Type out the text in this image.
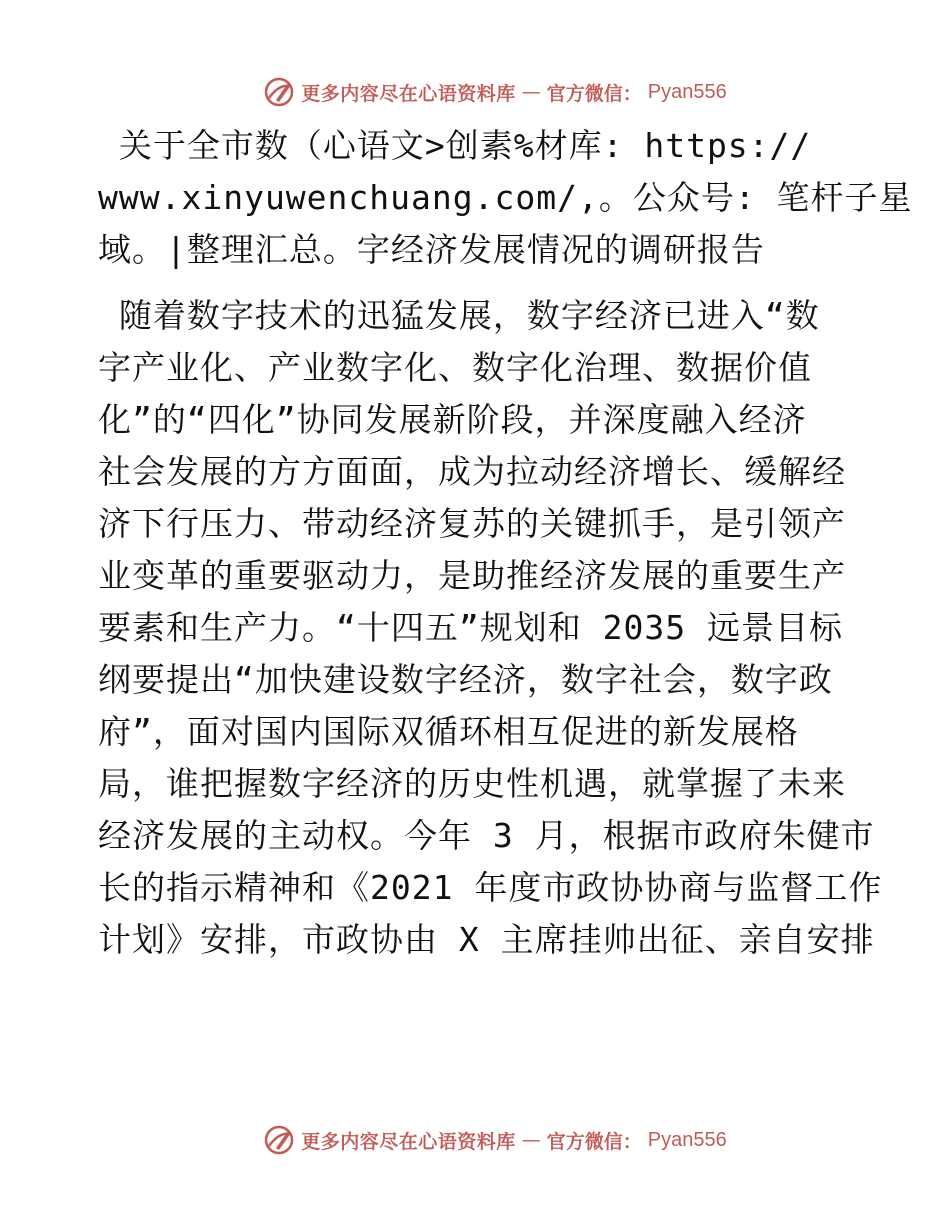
更多内容尽在心语资料库 — 官方微信： Pyan556
关于全市数（心语文>创素%材库: https://
www.xinyuwenchuang.com/,。公众号: 笔杆子星
域。|整理汇总。字经济发展情况的调研报告
随着数字技术的迅猛发展，数字经济已进入“数
字产业化、产业数字化、数字化治理、数据价值
化”的“四化”协同发展新阶段，并深度融入经济
社会发展的方方面面，成为拉动经济增长、缓解经
济下行压力、带动经济复苏的关键抓手，是引领产
业变革的重要驱动力，是助推经济发展的重要生产
要素和生产力。“十四五”规划和 2035 远景目标
纲要提出“加快建设数字经济，数字社会，数字政
府”，面对国内国际双循环相互促进的新发展格
局，谁把握数字经济的历史性机遇，就掌握了未来
经济发展的主动权。今年 3 月，根据市政府朱健市
长的指示精神和《2021 年度市政协协商与监督工作
计划》安排，市政协由 X 主席挂帅出征、亲自安排
更多内容尽在心语资料库 — 官方微信： Pyan556
